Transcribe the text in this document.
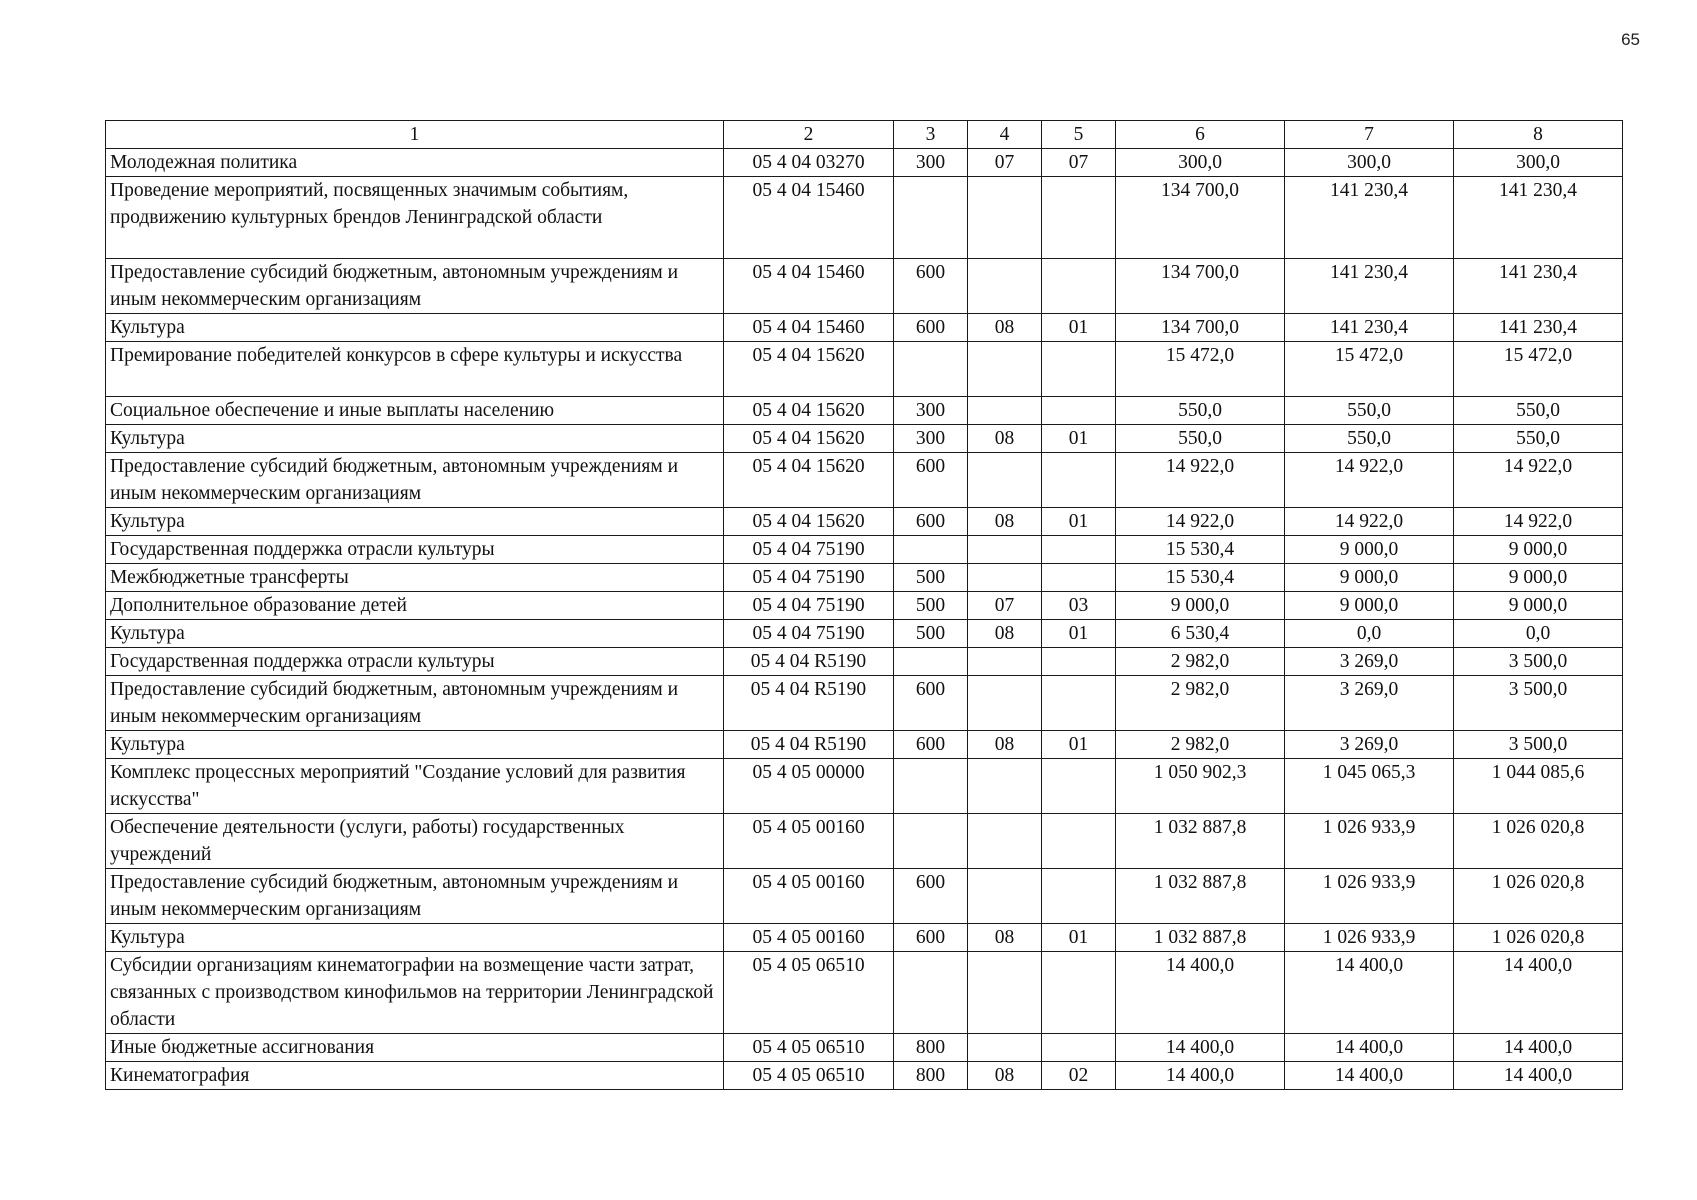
65
1	2	3	4	5	6	7	8
Молодежная политика	05 4 04 03270	300	07	07	300,0	300,0	300,0
Проведение мероприятий, посвященных значимым событиям, продвижению культурных брендов Ленинградской области	05 4 04 15460				134 700,0	141 230,4	141 230,4
Предоставление субсидий бюджетным, автономным учреждениям и иным некоммерческим организациям	05 4 04 15460	600			134 700,0	141 230,4	141 230,4
Культура	05 4 04 15460	600	08	01	134 700,0	141 230,4	141 230,4
Премирование победителей конкурсов в сфере культуры и искусства	05 4 04 15620				15 472,0	15 472,0	15 472,0
Социальное обеспечение и иные выплаты населению	05 4 04 15620	300			550,0	550,0	550,0
Культура	05 4 04 15620	300	08	01	550,0	550,0	550,0
Предоставление субсидий бюджетным, автономным учреждениям и иным некоммерческим организациям	05 4 04 15620	600			14 922,0	14 922,0	14 922,0
Культура	05 4 04 15620	600	08	01	14 922,0	14 922,0	14 922,0
Государственная поддержка отрасли культуры	05 4 04 75190				15 530,4	9 000,0	9 000,0
Межбюджетные трансферты	05 4 04 75190	500			15 530,4	9 000,0	9 000,0
Дополнительное образование детей	05 4 04 75190	500	07	03	9 000,0	9 000,0	9 000,0
Культура	05 4 04 75190	500	08	01	6 530,4	0,0	0,0
Государственная поддержка отрасли культуры	05 4 04 R5190				2 982,0	3 269,0	3 500,0
Предоставление субсидий бюджетным, автономным учреждениям и иным некоммерческим организациям	05 4 04 R5190	600			2 982,0	3 269,0	3 500,0
Культура	05 4 04 R5190	600	08	01	2 982,0	3 269,0	3 500,0
Комплекс процессных мероприятий "Создание условий для развития искусства"	05 4 05 00000				1 050 902,3	1 045 065,3	1 044 085,6
Обеспечение деятельности (услуги, работы) государственных учреждений	05 4 05 00160				1 032 887,8	1 026 933,9	1 026 020,8
Предоставление субсидий бюджетным, автономным учреждениям и иным некоммерческим организациям	05 4 05 00160	600			1 032 887,8	1 026 933,9	1 026 020,8
Культура	05 4 05 00160	600	08	01	1 032 887,8	1 026 933,9	1 026 020,8
Субсидии организациям кинематографии на возмещение части затрат, связанных с производством кинофильмов на территории Ленинградской области	05 4 05 06510				14 400,0	14 400,0	14 400,0
Иные бюджетные ассигнования	05 4 05 06510	800			14 400,0	14 400,0	14 400,0
Кинематография	05 4 05 06510	800	08	02	14 400,0	14 400,0	14 400,0
